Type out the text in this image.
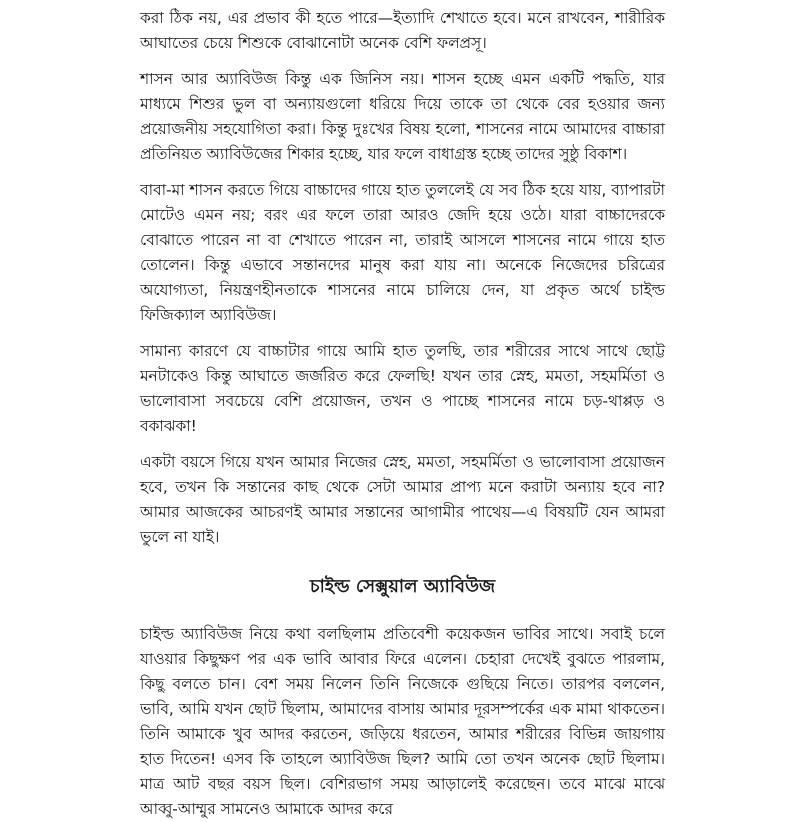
করা ঠিক নয়, এর প্রভাব কী হতে পারে—ইত্যাদি শেখাতে হবে। মনে রাখবেন, শারীরিক আঘাতের চেয়ে শিশুকে বোঝানোটা অনেক বেশি ফলপ্রসূ।

শাসন আর অ্যাবিউজ কিন্তু এক জিনিস নয়। শাসন হচ্ছে এমন একটি পদ্ধতি, যার মাধ্যমে শিশুর ভুল বা অন্যায়গুলো ধরিয়ে দিয়ে তাকে তা থেকে বের হওয়ার জন্য প্রয়োজনীয় সহযোগিতা করা। কিন্তু দুঃখের বিষয় হলো, শাসনের নামে আমাদের বাচ্চারা প্রতিনিয়ত অ্যাবিউজের শিকার হচ্ছে, যার ফলে বাধাগ্রস্ত হচ্ছে তাদের সুষ্ঠু বিকাশ।

বাবা-মা শাসন করতে গিয়ে বাচ্চাদের গায়ে হাত তুললেই যে সব ঠিক হয়ে যায়, ব্যাপারটা মোটেও এমন নয়; বরং এর ফলে তারা আরও জেদি হয়ে ওঠে। যারা বাচ্চাদেরকে বোঝাতে পারেন না বা শেখাতে পারেন না, তারাই আসলে শাসনের নামে গায়ে হাত তোলেন। কিন্তু এভাবে সন্তানদের মানুষ করা যায় না। অনেকে নিজেদের চরিত্রের অযোগ্যতা, নিয়ন্ত্রণহীনতাকে শাসনের নামে চালিয়ে দেন, যা প্রকৃত অর্থে চাইল্ড ফিজিক্যাল অ্যাবিউজ।

সামান্য কারণে যে বাচ্চাটার গায়ে আমি হাত তুলছি, তার শরীরের সাথে সাথে ছোট্ট মনটাকেও কিন্তু আঘাতে জর্জরিত করে ফেলছি! যখন তার স্নেহ, মমতা, সহমর্মিতা ও ভালোবাসা সবচেয়ে বেশি প্রয়োজন, তখন ও পাচ্ছে শাসনের নামে চড়-থাপ্পড় ও বকাঝকা!

একটা বয়সে গিয়ে যখন আমার নিজের স্নেহ, মমতা, সহমর্মিতা ও ভালোবাসা প্রয়োজন হবে, তখন কি সন্তানের কাছ থেকে সেটা আমার প্রাপ্য মনে করাটা অন্যায় হবে না? আমার আজকের আচরণই আমার সন্তানের আগামীর পাথেয়—এ বিষয়টি যেন আমরা ভুলে না যাই।

চাইল্ড সেক্সুয়াল অ্যাবিউজ

চাইল্ড অ্যাবিউজ নিয়ে কথা বলছিলাম প্রতিবেশী কয়েকজন ভাবির সাথে। সবাই চলে যাওয়ার কিছুক্ষণ পর এক ভাবি আবার ফিরে এলেন। চেহারা দেখেই বুঝতে পারলাম, কিছু বলতে চান। বেশ সময় নিলেন তিনি নিজেকে গুছিয়ে নিতে। তারপর বললেন, ভাবি, আমি যখন ছোট ছিলাম, আমাদের বাসায় আমার দূরসম্পর্কের এক মামা থাকতেন। তিনি আমাকে খুব আদর করতেন, জড়িয়ে ধরতেন, আমার শরীরের বিভিন্ন জায়গায় হাত দিতেন! এসব কি তাহলে অ্যাবিউজ ছিল? আমি তো তখন অনেক ছোট ছিলাম। মাত্র আট বছর বয়স ছিল। বেশিরভাগ সময় আড়ালেই করেছেন। তবে মাঝে মাঝে আব্বু-আম্মুর সামনেও আমাকে আদর করে
